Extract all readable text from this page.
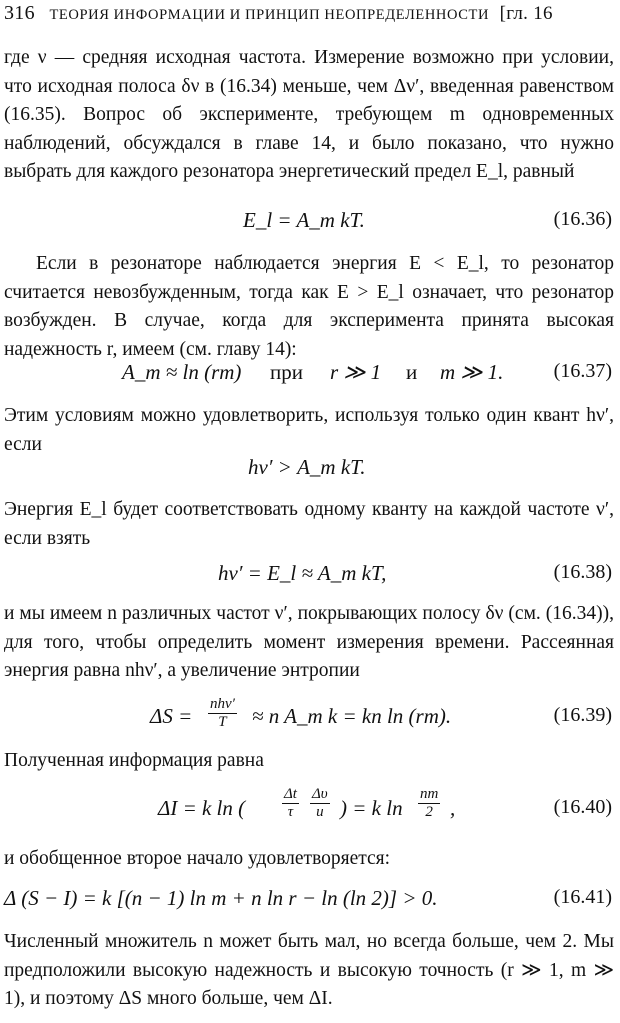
316 ТЕОРИЯ ИНФОРМАЦИИ И ПРИНЦИП НЕОПРЕДЕЛЕННОСТИ [гл. 16
где ν — средняя исходная частота. Измерение возможно при условии, что исходная полоса δν в (16.34) меньше, чем Δν′, введенная равенством (16.35). Вопрос об эксперименте, требующем m одновременных наблюдений, обсуждался в главе 14, и было показано, что нужно выбрать для каждого резонатора энергетический предел E_l, равный
E_l = A_m kT.	(16.36)
Если в резонаторе наблюдается энергия E < E_l, то резонатор считается невозбужденным, тогда как E > E_l означает, что резонатор возбужден. В случае, когда для эксперимента принята высокая надежность r, имеем (см. главу 14):
A_m ≈ ln (rm) при r ≫ 1 и m ≫ 1.	(16.37)
Этим условиям можно удовлетворить, используя только один квант hν′, если
hν′ > A_m kT.
Энергия E_l будет соответствовать одному кванту на каждой частоте ν′, если взять
hν′ = E_l ≈ A_m kT,	(16.38)
и мы имеем n различных частот ν′, покрывающих полосу δν (см. (16.34)), для того, чтобы определить момент измерения времени. Рассеянная энергия равна nhν′, а увеличение энтропии
$\Delta S = \frac{\text{nhν′}}{T} \approx n$ A_m k = kn ln (rm).	(16.39)
Полученная информация равна
ΔI = k ln ( $\frac{\Delta t}{\tau} \frac{\Delta\upsilon}{u}$ ) = k $\ln \frac{nm}{2}$ ,	(16.40)
и обобщенное второе начало удовлетворяется:
Δ (S − I) = k [(n − 1) ln m + n ln r − ln (ln 2)] > 0.	(16.41)
Численный множитель n может быть мал, но всегда больше, чем 2. Мы предположили высокую надежность и высокую точность (r ≫ 1, m ≫ 1), и поэтому ΔS много больше, чем ΔI.
